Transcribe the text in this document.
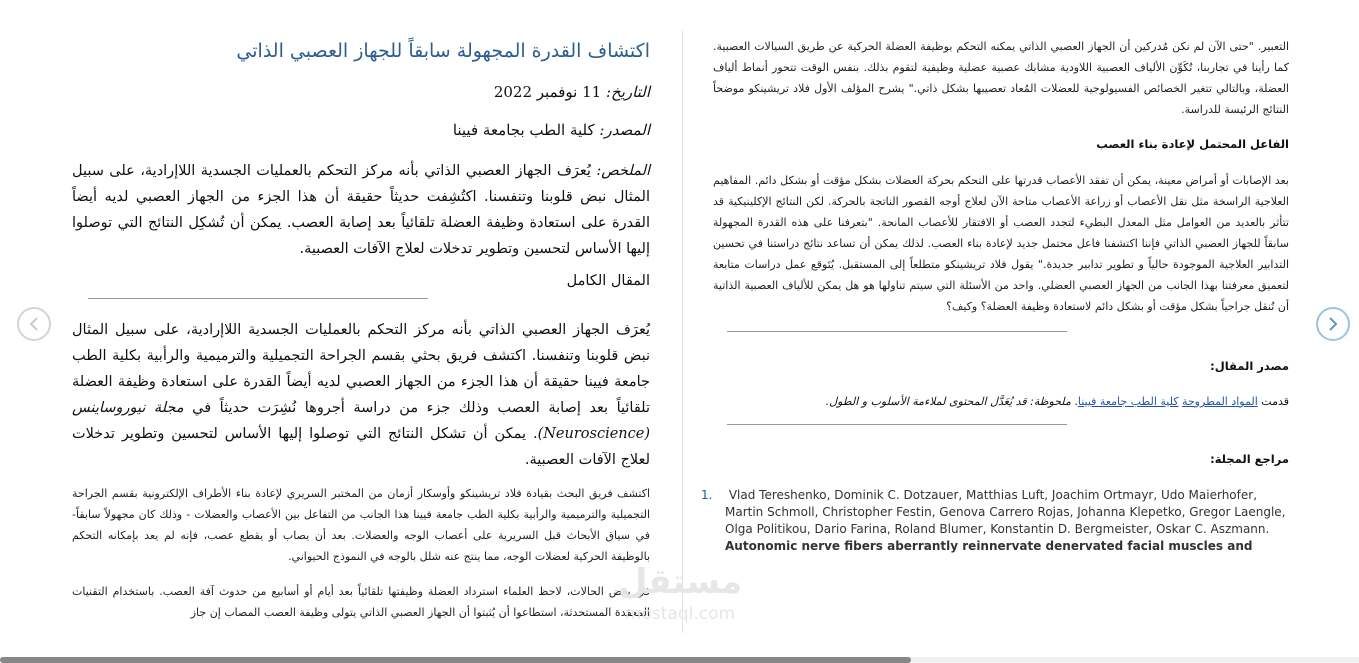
اكتشاف القدرة المجهولة سابقاً للجهاز العصبي الذاتي
التاريخ: 11 نوفمبر 2022
المصدر: كلية الطب بجامعة فيينا

الملخص: يُعرَف الجهاز العصبي الذاتي بأنه مركز التحكم بالعمليات الجسدية اللاإرادية، على سبيل المثال نبض قلوبنا وتنفسنا. اكتُشِفت حديثاً حقيقة أن هذا الجزء من الجهاز العصبي لديه أيضاً القدرة على استعادة وظيفة العضلة تلقائياً بعد إصابة العصب. يمكن أن تُشكِل النتائج التي توصلوا إليها الأساس لتحسين وتطوير تدخلات لعلاج الآفات العصبية.

المقال الكامل

يُعرَف الجهاز العصبي الذاتي بأنه مركز التحكم بالعمليات الجسدية اللاإرادية، على سبيل المثال نبض قلوبنا وتنفسنا. اكتشف فريق بحثي بقسم الجراحة التجميلية والترميمية والرأبية بكلية الطب جامعة فيينا حقيقة أن هذا الجزء من الجهاز العصبي لديه أيضاً القدرة على استعادة وظيفة العضلة تلقائياً بعد إصابة العصب وذلك جزء من دراسة أجروها نُشِرَت حديثاً في مجلة نيوروساينس (Neuroscience). يمكن أن تشكل النتائج التي توصلوا إليها الأساس لتحسين وتطوير تدخلات لعلاج الآفات العصبية.

اكتشف فريق البحث بقيادة فلاد تريشينكو وأوسكار أزمان من المختبر السريري لإعادة بناء الأطراف الإلكترونية بقسم الجراحة التجميلية والترميمية والرأبية بكلية الطب جامعة فيينا هذا الجانب من التفاعل بين الأعصاب والعضلات - وذلك كان مجهولاً سابقاً- في سياق الأبحاث قبل السريرية على أعصاب الوجه والعضلات. بعد أن يصاب أو يقطع عصب، فإنه لم يعد بإمكانه التحكم بالوظيفة الحركية لعضلات الوجه، مما ينتج عنه شلل بالوجه في النموذج الحيواني.

في بعض الحالات، لاحظ العلماء استرداد العضلة وظيفتها تلقائياً بعد أيام أو أسابيع من حدوث آفة العصب. باستخدام التقنيات المعقدة المستحدثة، استطاعوا أن يُثبتوا أن الجهاز العصبي الذاتي يتولى وظيفة العصب المصاب إن جاز

التعبير. "حتى الآن لم نكن مُدركين أن الجهاز العصبي الذاتي يمكنه التحكم بوظيفة العضلة الحركية عن طريق السيالات العصبية. كما رأينا في تجاربنا، تُكَوِّن الألياف العصبية اللاودية مشابك عصبية عضلية وظيفية لتقوم بذلك. بنفس الوقت تتحور أنماط ألياف العضلة، وبالتالي تتغير الخصائص الفسيولوجية للعضلات المُعاد تعصيبها بشكل ذاتي." يشرح المؤلف الأول فلاد تريشينكو موضحاً النتائج الرئيسة للدراسة.

الفاعل المحتمل لإعادة بناء العصب

بعد الإصابات أو أمراض معينة، يمكن أن تفقد الأعصاب قدرتها على التحكم بحركة العضلات بشكل مؤقت أو بشكل دائم. المفاهيم العلاجية الراسخة مثل نقل الأعصاب أو زراعة الأعصاب متاحة الآن لعلاج أوجه القصور الناتجة بالحركة. لكن النتائج الإكلينيكية قد تتأثر بالعديد من العوامل مثل المعدل البطيء لتجدد العصب أو الافتقار للأعصاب المانحة. "بتعرفنا على هذه القدرة المجهولة سابقاً للجهاز العصبي الذاتي فإننا اكتشفنا فاعل محتمل جديد لإعادة بناء العصب. لذلك يمكن أن تساعد نتائج دراستنا في تحسين التدابير العلاجية الموجودة حالياً و تطوير تدابير جديدة." يقول فلاد تريشينكو متطلعاً إلى المستقبل. يُتَوقع عمل دراسات متابعة لتعميق معرفتنا بهذا الجانب من الجهاز العصبي العضلي. واحد من الأسئلة التي سيتم تناولها هو هل يمكن للألياف العصبية الذاتية أن تُنقل جراحياً بشكل مؤقت أو بشكل دائم لاستعادة وظيفة العضلة؟ وكيف؟

مصدر المقال:

قدمت المواد المطروحة كلية الطب جامعة فيينا. ملحوظة: قد يُعَدَّل المحتوى لملاءمة الأسلوب و الطول.

مراجع المجلة:
1. Vlad Tereshenko, Dominik C. Dotzauer, Matthias Luft, Joachim Ortmayr, Udo Maierhofer, Martin Schmoll, Christopher Festin, Genova Carrero Rojas, Johanna Klepetko, Gregor Laengle, Olga Politikou, Dario Farina, Roland Blumer, Konstantin D. Bergmeister, Oskar C. Aszmann. Autonomic nerve fibers aberrantly reinnervate denervated facial muscles and
مستقل
mostaql.com
